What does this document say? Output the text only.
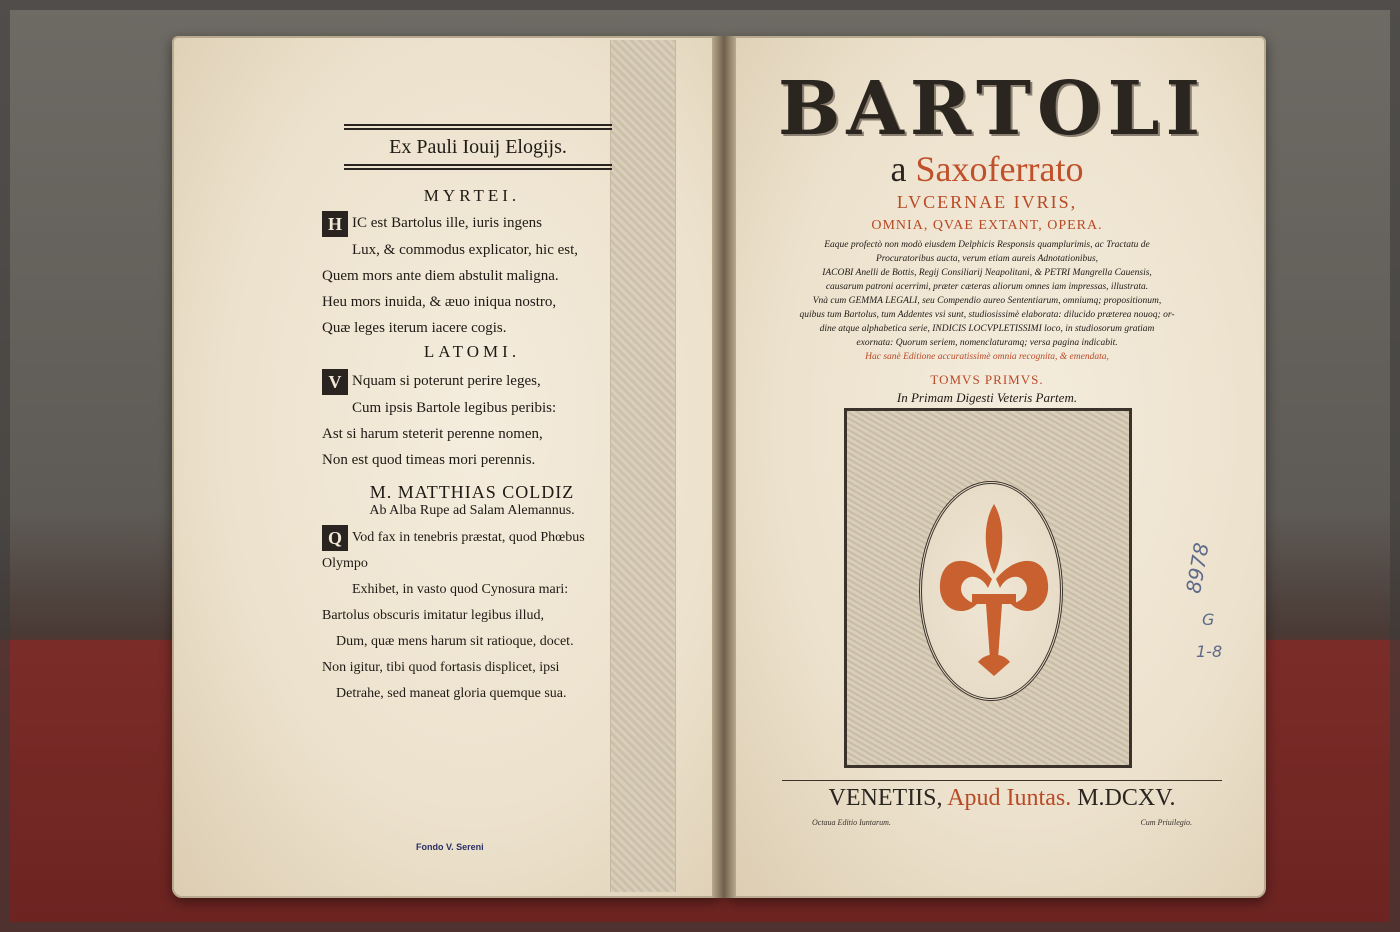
Ex Pauli Iouij Elogijs.
MYRTEI.
H IC est Bartolus ille, iuris ingens
Lux, & commodus explicator, hic est,
Quem mors ante diem abstulit maligna.
Heu mors inuida, & æuo iniqua nostro,
Quæ leges iterum iacere cogis.
LATOMI.
V Nquam si poterunt perire leges,
Cum ipsis Bartole legibus peribis:
Ast si harum steterit perenne nomen,
Non est quod timeas mori perennis.
M. MATTHIAS COLDIZ
Ab Alba Rupe ad Salam Alemannus.
Q Vod fax in tenebris præstat, quod Phœbus Olympo
Exhibet, in vasto quod Cynosura mari:
Bartolus obscuris imitatur legibus illud,
Dum, quæ mens harum sit ratioque, docet.
Non igitur, tibi quod fortasis displicet, ipsi
Detrahe, sed maneat gloria quemque sua.
Fondo V. Sereni
BARTOLI
a Saxoferrato
LVCERNAE IVRIS,
OMNIA, QVAE EXTANT, OPERA.
Eaque profectò non modò eiusdem Delphicis Responsis quamplurimis, ac Tractatu de
Procuratoribus aucta, verum etiam aureis Adnotationibus,
IACOBI Anelli de Bottis, Regij Consiliarij Neapolitani, & PETRI Mangrella Cauensis,
causarum patroni acerrimi, præter cæteras aliorum omnes iam impressas, illustrata.
Vnà cum GEMMA LEGALI, seu Compendio aureo Sententiarum, omniumq; propositionum,
quibus tum Bartolus, tum Addentes vsi sunt, studiosissimè elaborata: dilucido præterea nouoq; or-
dine atque alphabetica serie, INDICIS LOCVPLETISSIMI loco, in studiosorum gratiam
exornata: Quorum seriem, nomenclaturamq; versa pagina indicabit.
Hac sanè Editione accuratissimè omnia recognita, & emendata,
TOMVS PRIMVS.
In Primam Digesti Veteris Partem.
VENETIIS, Apud Iuntas. M.DCXV.
Octaua Editio Iuntarum.	Cum Priuilegio.
8978
G
1-8
